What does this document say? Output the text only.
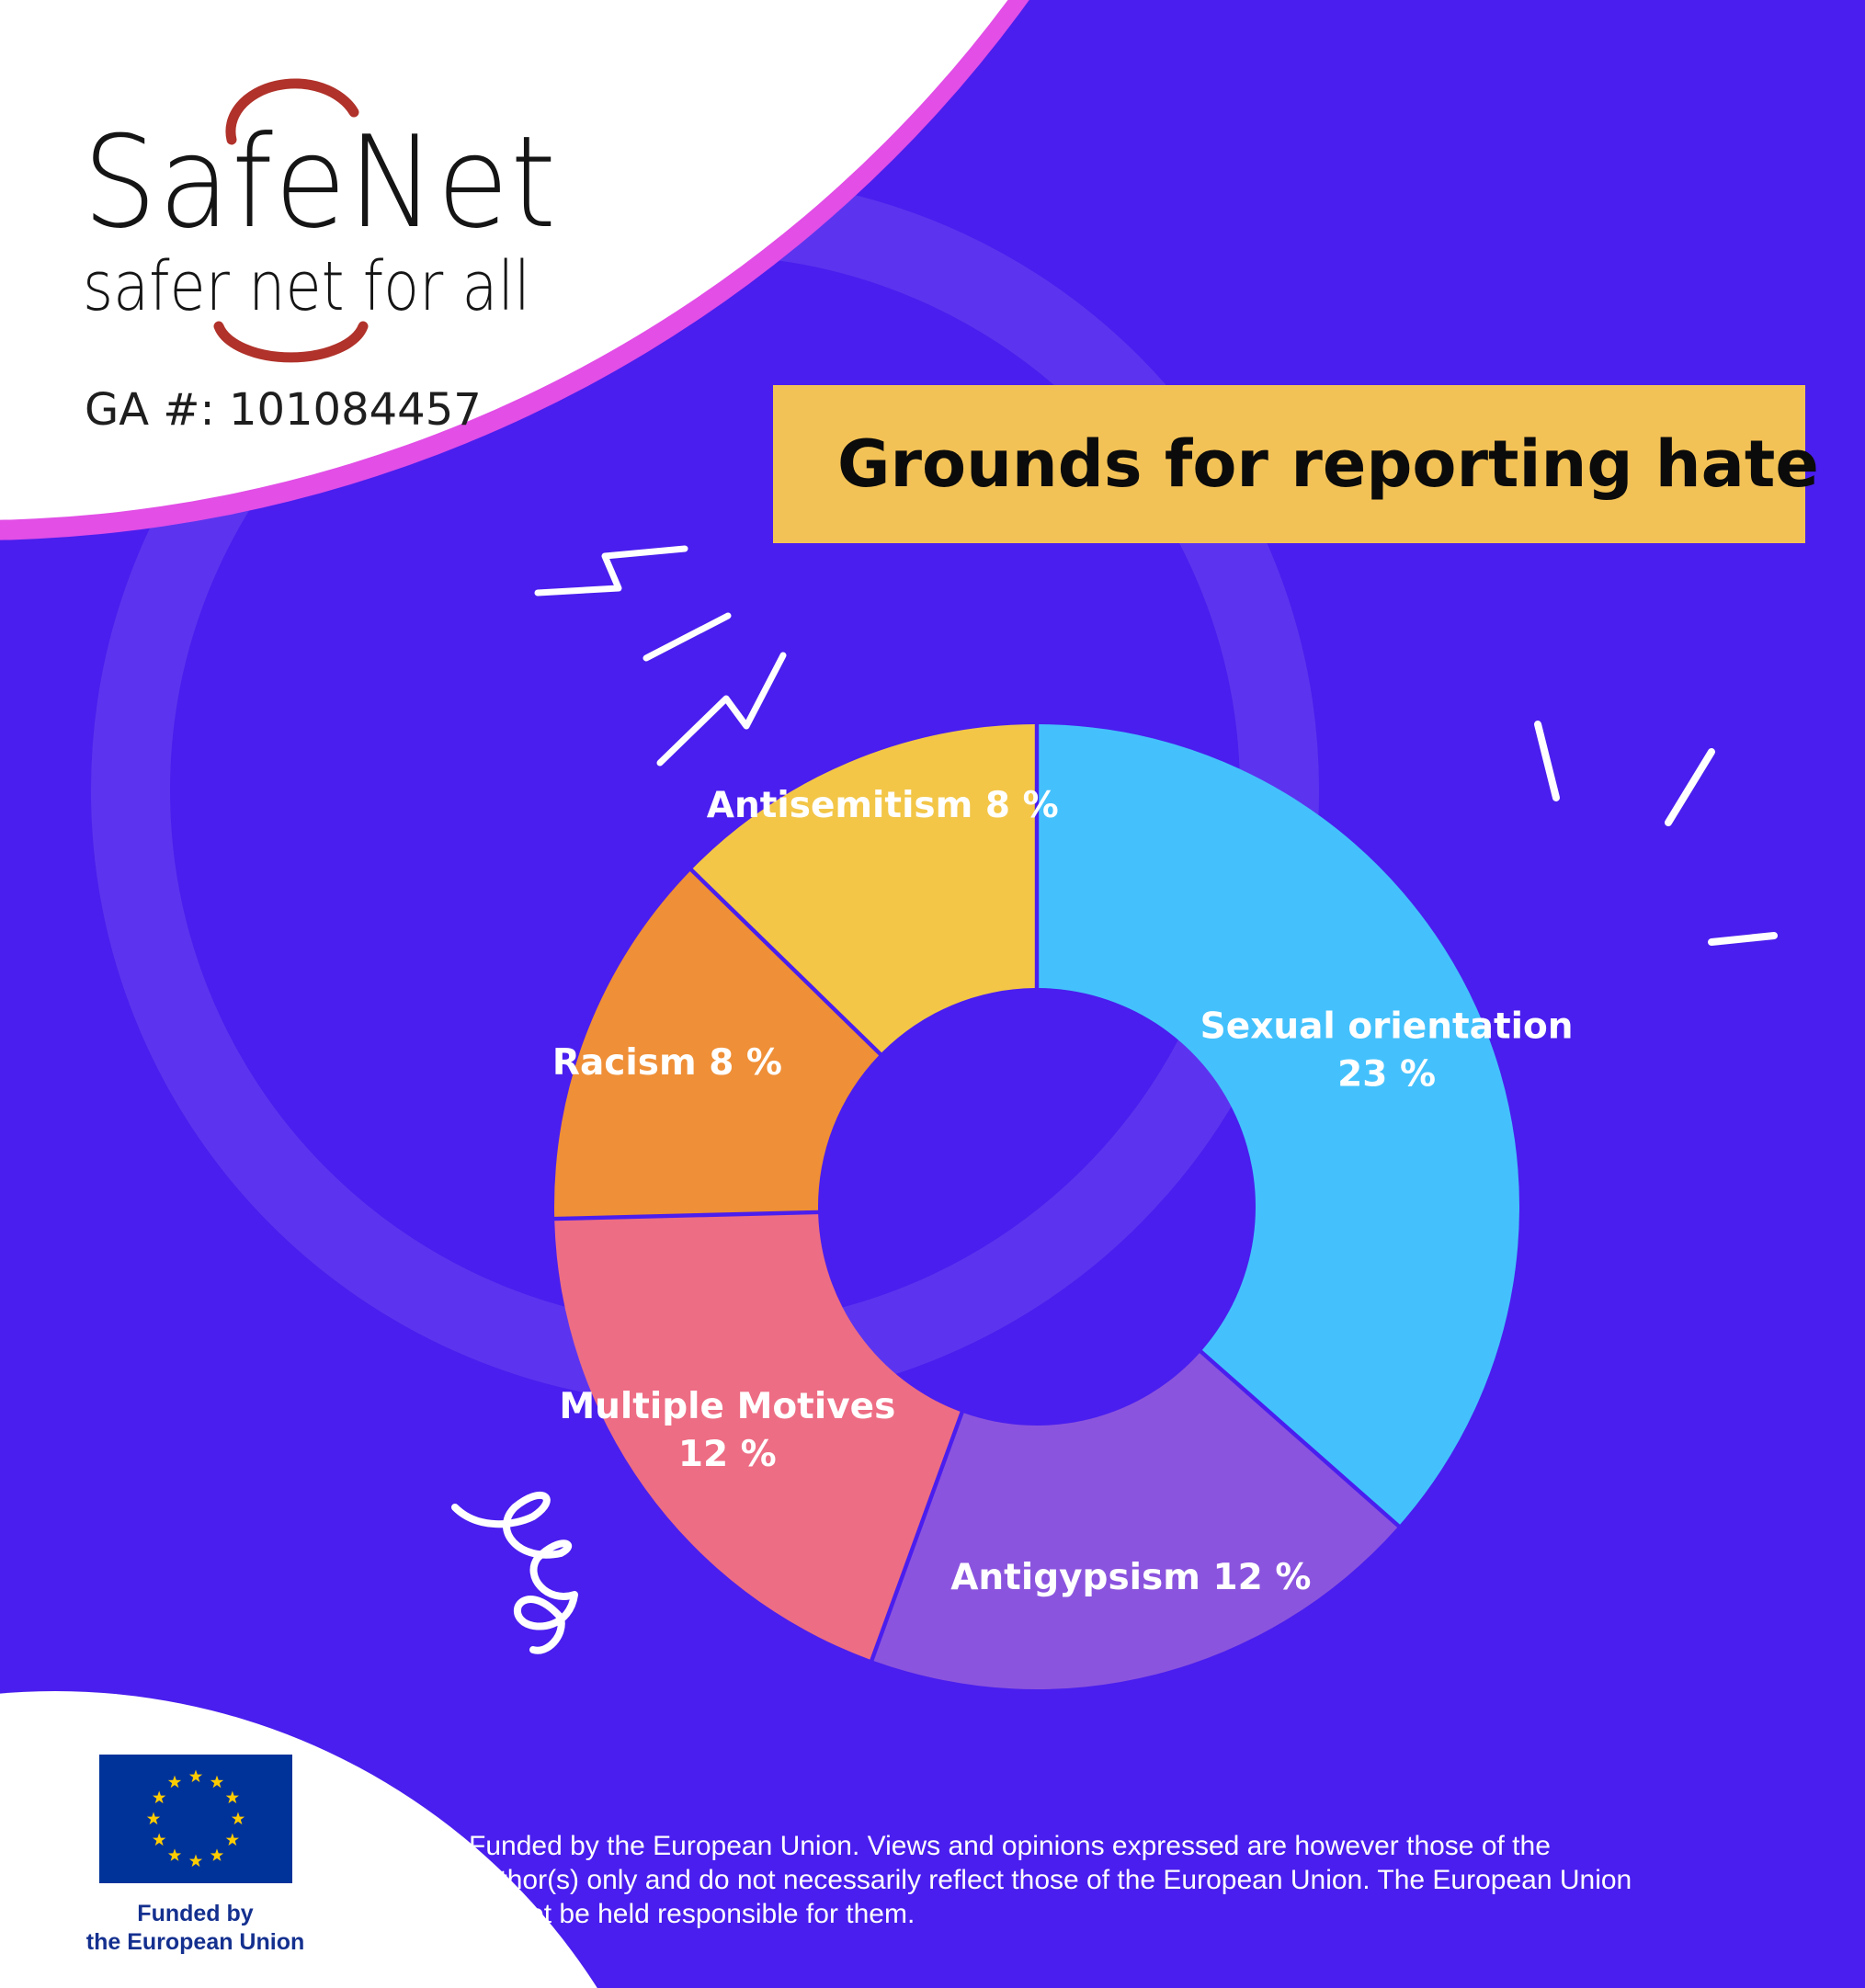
Sexual orientation 23 %
Antigypsism 12 %
Multiple Motives 12 %
Racism 8 %
Antisemitism 8 %
SafeNet
safer net for all
GA #: 101084457
Grounds for reporting hate
Funded by
the European Union
Funded by the European Union. Views and opinions expressed are however those of the author(s) only and do not necessarily reflect those of the European Union. The European Union cannot be held responsible for them.
